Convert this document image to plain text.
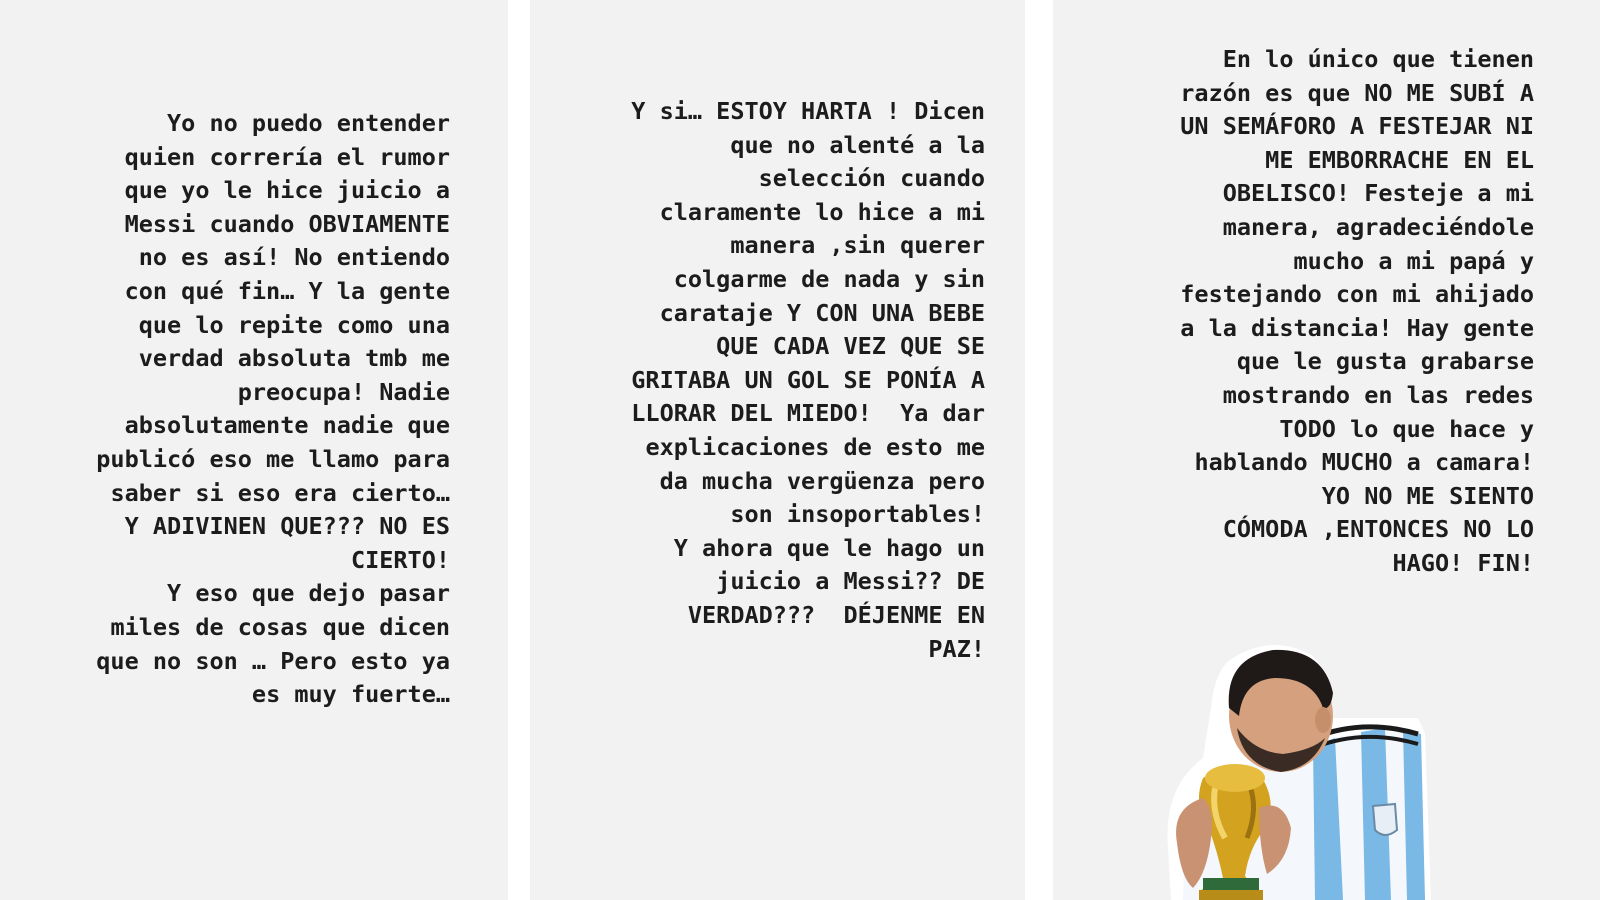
Yo no puedo entender
quien correría el rumor
que yo le hice juicio a
Messi cuando OBVIAMENTE
no es así! No entiendo
con qué fin… Y la gente
que lo repite como una
verdad absoluta tmb me
preocupa! Nadie
absolutamente nadie que
publicó eso me llamo para
saber si eso era cierto…
Y ADIVINEN QUE??? NO ES
CIERTO!
Y eso que dejo pasar
miles de cosas que dicen
que no son … Pero esto ya
es muy fuerte…

Y si… ESTOY HARTA ! Dicen
que no alenté a la
selección cuando
claramente lo hice a mi
manera ,sin querer
colgarme de nada y sin
carataje Y CON UNA BEBE
QUE CADA VEZ QUE SE
GRITABA UN GOL SE PONÍA A
LLORAR DEL MIEDO!  Ya dar
explicaciones de esto me
da mucha vergüenza pero
son insoportables!
Y ahora que le hago un
juicio a Messi?? DE
VERDAD???  DÉJENME EN
PAZ!

En lo único que tienen
razón es que NO ME SUBÍ A
UN SEMÁFORO A FESTEJAR NI
ME EMBORRACHE EN EL
OBELISCO! Festeje a mi
manera, agradeciéndole
mucho a mi papá y
festejando con mi ahijado
a la distancia! Hay gente
que le gusta grabarse
mostrando en las redes
TODO lo que hace y
hablando MUCHO a camara!
YO NO ME SIENTO
CÓMODA ,ENTONCES NO LO
HAGO! FIN!
